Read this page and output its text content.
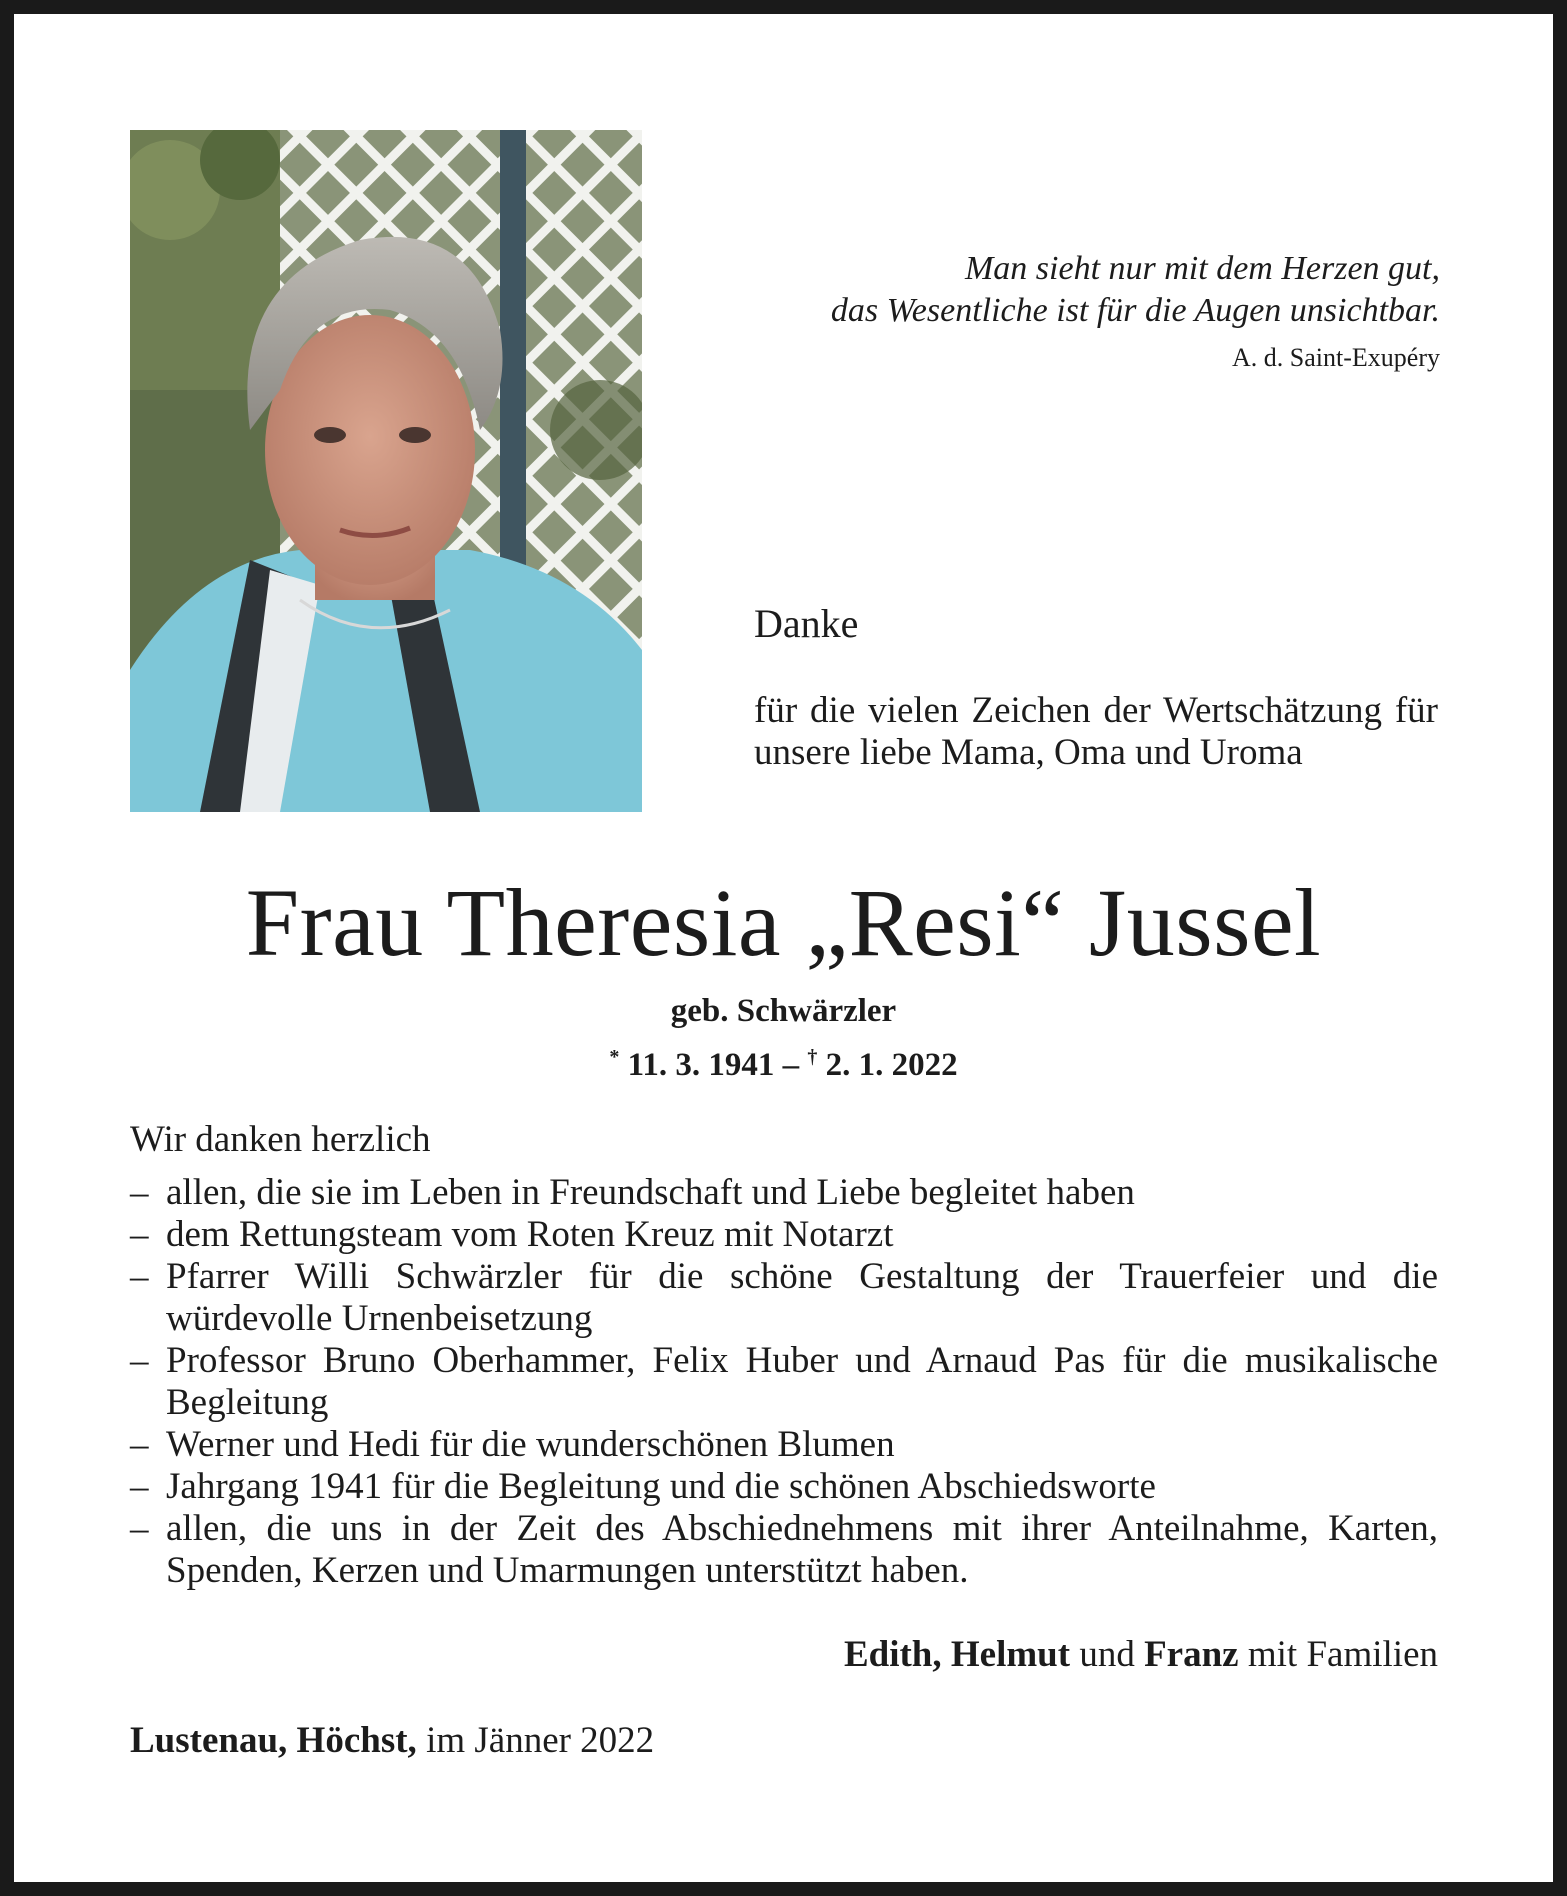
Man sieht nur mit dem Herzen gut,
das Wesentliche ist für die Augen unsichtbar.
A. d. Saint-Exupéry
Danke
für die vielen Zeichen der Wertschätzung für unsere liebe Mama, Oma und Uroma
Frau Theresia „Resi“ Jussel
geb. Schwärzler
* 11. 3. 1941 – † 2. 1. 2022
Wir danken herzlich
– allen, die sie im Leben in Freundschaft und Liebe begleitet haben
– dem Rettungsteam vom Roten Kreuz mit Notarzt
– Pfarrer Willi Schwärzler für die schöne Gestaltung der Trauerfeier und die würdevolle Urnenbeisetzung
– Professor Bruno Oberhammer, Felix Huber und Arnaud Pas für die musikalische Begleitung
– Werner und Hedi für die wunderschönen Blumen
– Jahrgang 1941 für die Begleitung und die schönen Abschiedsworte
– allen, die uns in der Zeit des Abschiednehmens mit ihrer Anteilnahme, Karten, Spenden, Kerzen und Umarmungen unterstützt haben.
Edith, Helmut und Franz mit Familien
Lustenau, Höchst, im Jänner 2022
